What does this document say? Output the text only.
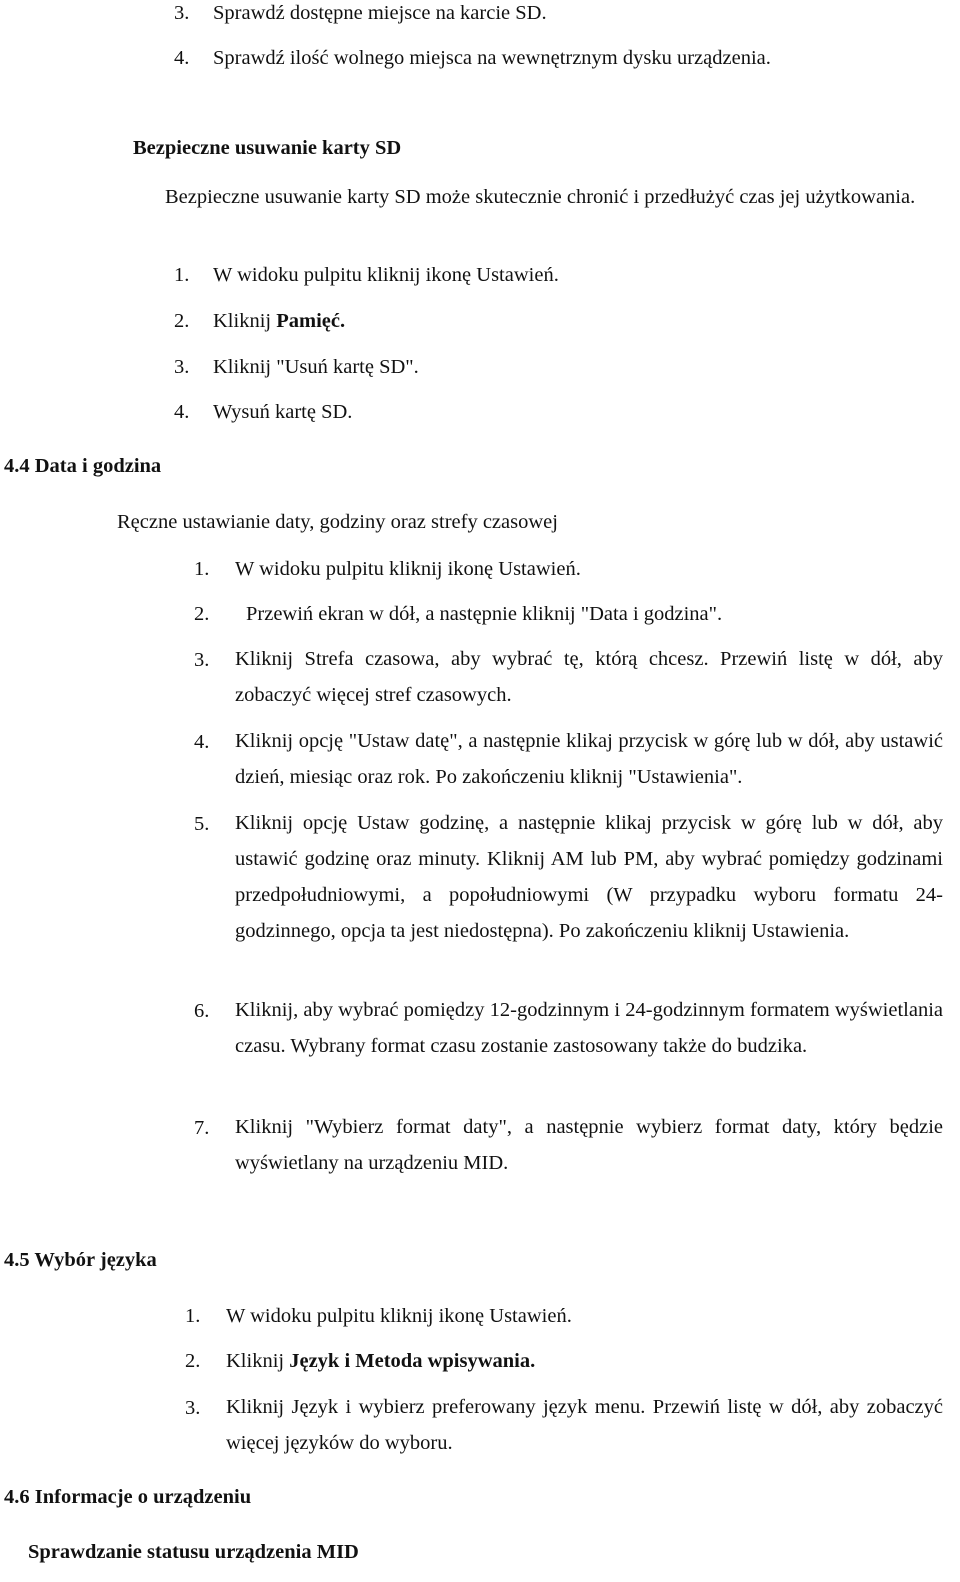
3. Sprawdź dostępne miejsce na karcie SD.
4. Sprawdź ilość wolnego miejsca na wewnętrznym dysku urządzenia.
Bezpieczne usuwanie karty SD

Bezpieczne usuwanie karty SD może skutecznie chronić i przedłużyć czas jej użytkowania.

1. W widoku pulpitu kliknij ikonę Ustawień.
2. Kliknij Pamięć.
3. Kliknij "Usuń kartę SD".
4. Wysuń kartę SD.
4.4 Data i godzina

Ręczne ustawianie daty, godziny oraz strefy czasowej

1. W widoku pulpitu kliknij ikonę Ustawień.
2. Przewiń ekran w dół, a następnie kliknij "Data i godzina".
3. Kliknij Strefa czasowa, aby wybrać tę, którą chcesz. Przewiń listę w dół, aby zobaczyć więcej stref czasowych.

4. Kliknij opcję "Ustaw datę", a następnie klikaj przycisk w górę lub w dół, aby ustawić dzień, miesiąc oraz rok. Po zakończeniu kliknij "Ustawienia".

5. Kliknij opcję Ustaw godzinę, a następnie klikaj przycisk w górę lub w dół, aby ustawić godzinę oraz minuty. Kliknij AM lub PM, aby wybrać pomiędzy godzinami przedpołudniowymi, a popołudniowymi (W przypadku wyboru formatu 24-godzinnego, opcja ta jest niedostępna). Po zakończeniu kliknij Ustawienia.

6. Kliknij, aby wybrać pomiędzy 12-godzinnym i 24-godzinnym formatem wyświetlania czasu. Wybrany format czasu zostanie zastosowany także do budzika.

7. Kliknij "Wybierz format daty", a następnie wybierz format daty, który będzie wyświetlany na urządzeniu MID.

4.5 Wybór języka
1. W widoku pulpitu kliknij ikonę Ustawień.
2. Kliknij Język i Metoda wpisywania.
3. Kliknij Język i wybierz preferowany język menu. Przewiń listę w dół, aby zobaczyć więcej języków do wyboru.

4.6 Informacje o urządzeniu
Sprawdzanie statusu urządzenia MID
